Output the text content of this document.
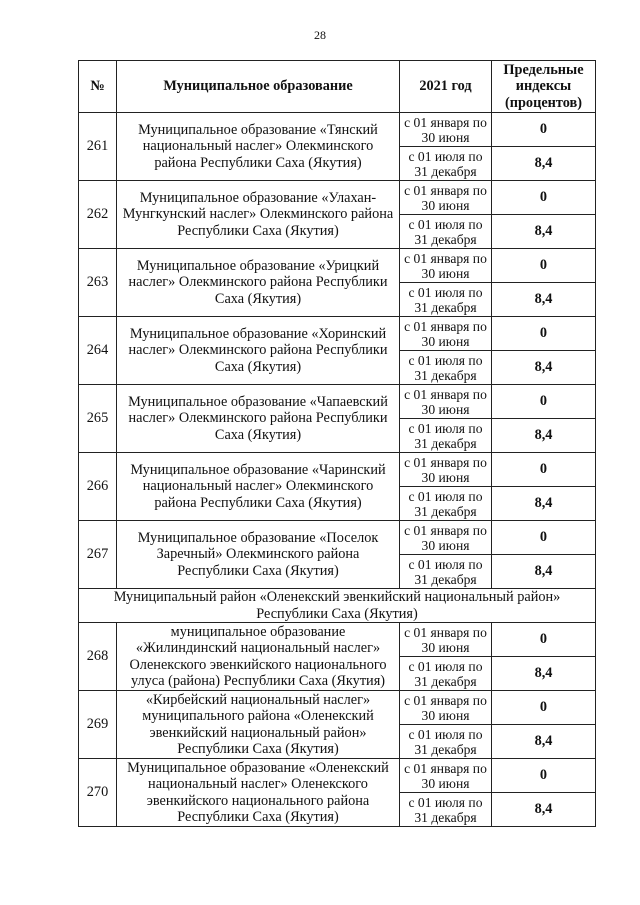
28
№	Муниципальное образование	2021 год	Предельные индексы (процентов)
261	Муниципальное образование «Тянский национальный наслег» Олекминского района Республики Саха (Якутия)	с 01 января по 30 июня	0
		с 01 июля по 31 декабря	8,4
262	Муниципальное образование «Улахан-Мунгкунский наслег» Олекминского района Республики Саха (Якутия)	с 01 января по 30 июня	0
		с 01 июля по 31 декабря	8,4
263	Муниципальное образование «Урицкий наслег» Олекминского района Республики Саха (Якутия)	с 01 января по 30 июня	0
		с 01 июля по 31 декабря	8,4
264	Муниципальное образование «Хоринский наслег» Олекминского района Республики Саха (Якутия)	с 01 января по 30 июня	0
		с 01 июля по 31 декабря	8,4
265	Муниципальное образование «Чапаевский наслег» Олекминского района Республики Саха (Якутия)	с 01 января по 30 июня	0
		с 01 июля по 31 декабря	8,4
266	Муниципальное образование «Чаринский национальный наслег» Олекминского района Республики Саха (Якутия)	с 01 января по 30 июня	0
		с 01 июля по 31 декабря	8,4
267	Муниципальное образование «Поселок Заречный» Олекминского района Республики Саха (Якутия)	с 01 января по 30 июня	0
		с 01 июля по 31 декабря	8,4
Муниципальный район «Оленекский эвенкийский национальный район» Республики Саха (Якутия)			
268	муниципальное образование «Жилиндинский национальный наслег» Оленекского эвенкийского национального улуса (района) Республики Саха (Якутия)	с 01 января по 30 июня	0
		с 01 июля по 31 декабря	8,4
269	«Кирбейский национальный наслег» муниципального района «Оленекский эвенкийский национальный район» Республики Саха (Якутия)	с 01 января по 30 июня	0
		с 01 июля по 31 декабря	8,4
270	Муниципальное образование «Оленекский национальный наслег» Оленекского эвенкийского национального района Республики Саха (Якутия)	с 01 января по 30 июня	0
		с 01 июля по 31 декабря	8,4
